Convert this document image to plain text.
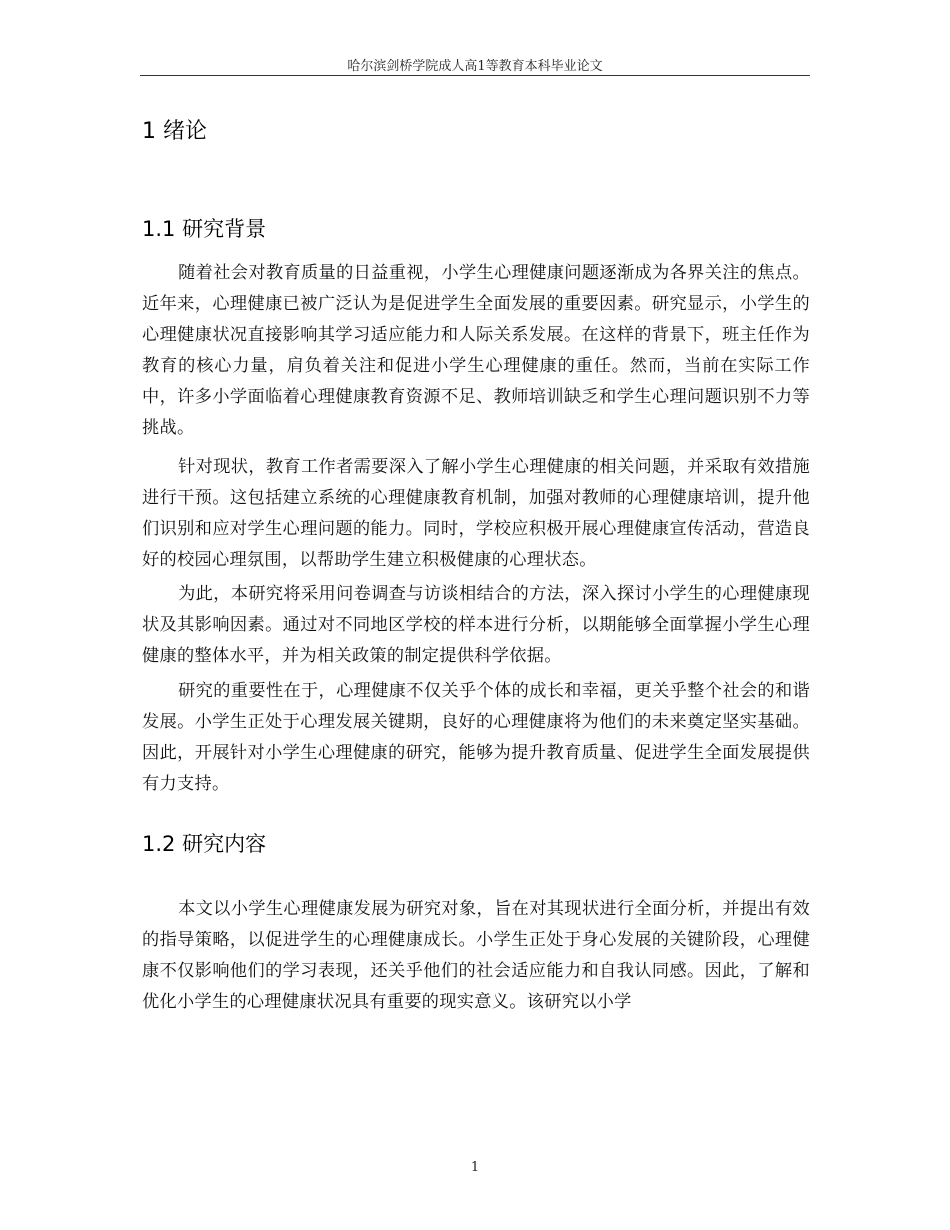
哈尔滨剑桥学院成人高1等教育本科毕业论文
1 绪论
1.1 研究背景

随着社会对教育质量的日益重视，小学生心理健康问题逐渐成为各界关注的焦点。近年来，心理健康已被广泛认为是促进学生全面发展的重要因素。研究显示，小学生的心理健康状况直接影响其学习适应能力和人际关系发展。在这样的背景下，班主任作为教育的核心力量，肩负着关注和促进小学生心理健康的重任。然而，当前在实际工作中，许多小学面临着心理健康教育资源不足、教师培训缺乏和学生心理问题识别不力等挑战。

针对现状，教育工作者需要深入了解小学生心理健康的相关问题，并采取有效措施进行干预。这包括建立系统的心理健康教育机制，加强对教师的心理健康培训，提升他们识别和应对学生心理问题的能力。同时，学校应积极开展心理健康宣传活动，营造良好的校园心理氛围，以帮助学生建立积极健康的心理状态。

为此，本研究将采用问卷调查与访谈相结合的方法，深入探讨小学生的心理健康现状及其影响因素。通过对不同地区学校的样本进行分析，以期能够全面掌握小学生心理健康的整体水平，并为相关政策的制定提供科学依据。

研究的重要性在于，心理健康不仅关乎个体的成长和幸福，更关乎整个社会的和谐发展。小学生正处于心理发展关键期，良好的心理健康将为他们的未来奠定坚实基础。因此，开展针对小学生心理健康的研究，能够为提升教育质量、促进学生全面发展提供有力支持。

1.2 研究内容

本文以小学生心理健康发展为研究对象，旨在对其现状进行全面分析，并提出有效的指导策略，以促进学生的心理健康成长。小学生正处于身心发展的关键阶段，心理健康不仅影响他们的学习表现，还关乎他们的社会适应能力和自我认同感。因此，了解和优化小学生的心理健康状况具有重要的现实意义。该研究以小学

1
